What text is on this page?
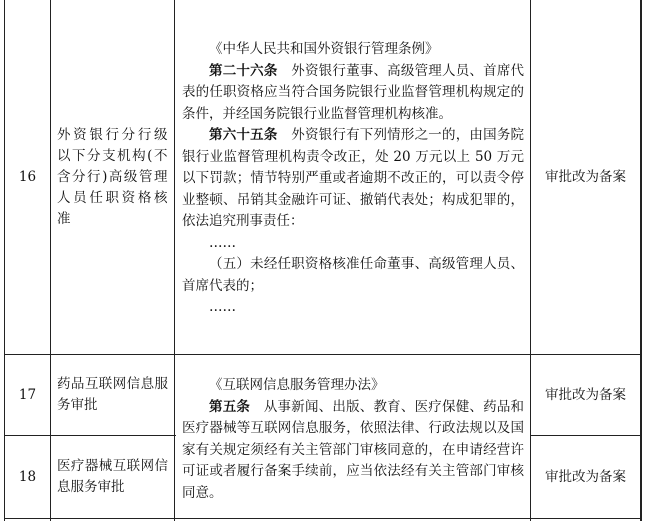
16
外资银行分行级以下分支机构(不含分行)高级管理人员任职资格核准

《中华人民共和国外资银行管理条例》

第二十六条　 外资银行董事、高级管理人员、首席代表的任职资格应当符合国务院银行业监督管理机构规定的条件，并经国务院银行业监督管理机构核准。

第六十五条　 外资银行有下列情形之一的，由国务院银行业监督管理机构责令改正，处 20 万元以上 50 万元以下罚款；情节特别严重或者逾期不改正的，可以责令停业整顿、吊销其金融许可证、撤销代表处；构成犯罪的，依法追究刑事责任：

……

（五）未经任职资格核准任命董事、高级管理人员、首席代表的；

……

审批改为备案
17
药品互联网信息服务审批
审批改为备案

《互联网信息服务管理办法》

第五条　 从事新闻、出版、教育、医疗保健、药品和医疗器械等互联网信息服务，依照法律、行政法规以及国家有关规定须经有关主管部门审核同意的，在申请经营许可证或者履行备案手续前，应当依法经有关主管部门审核同意。

18
医疗器械互联网信息服务审批
审批改为备案
